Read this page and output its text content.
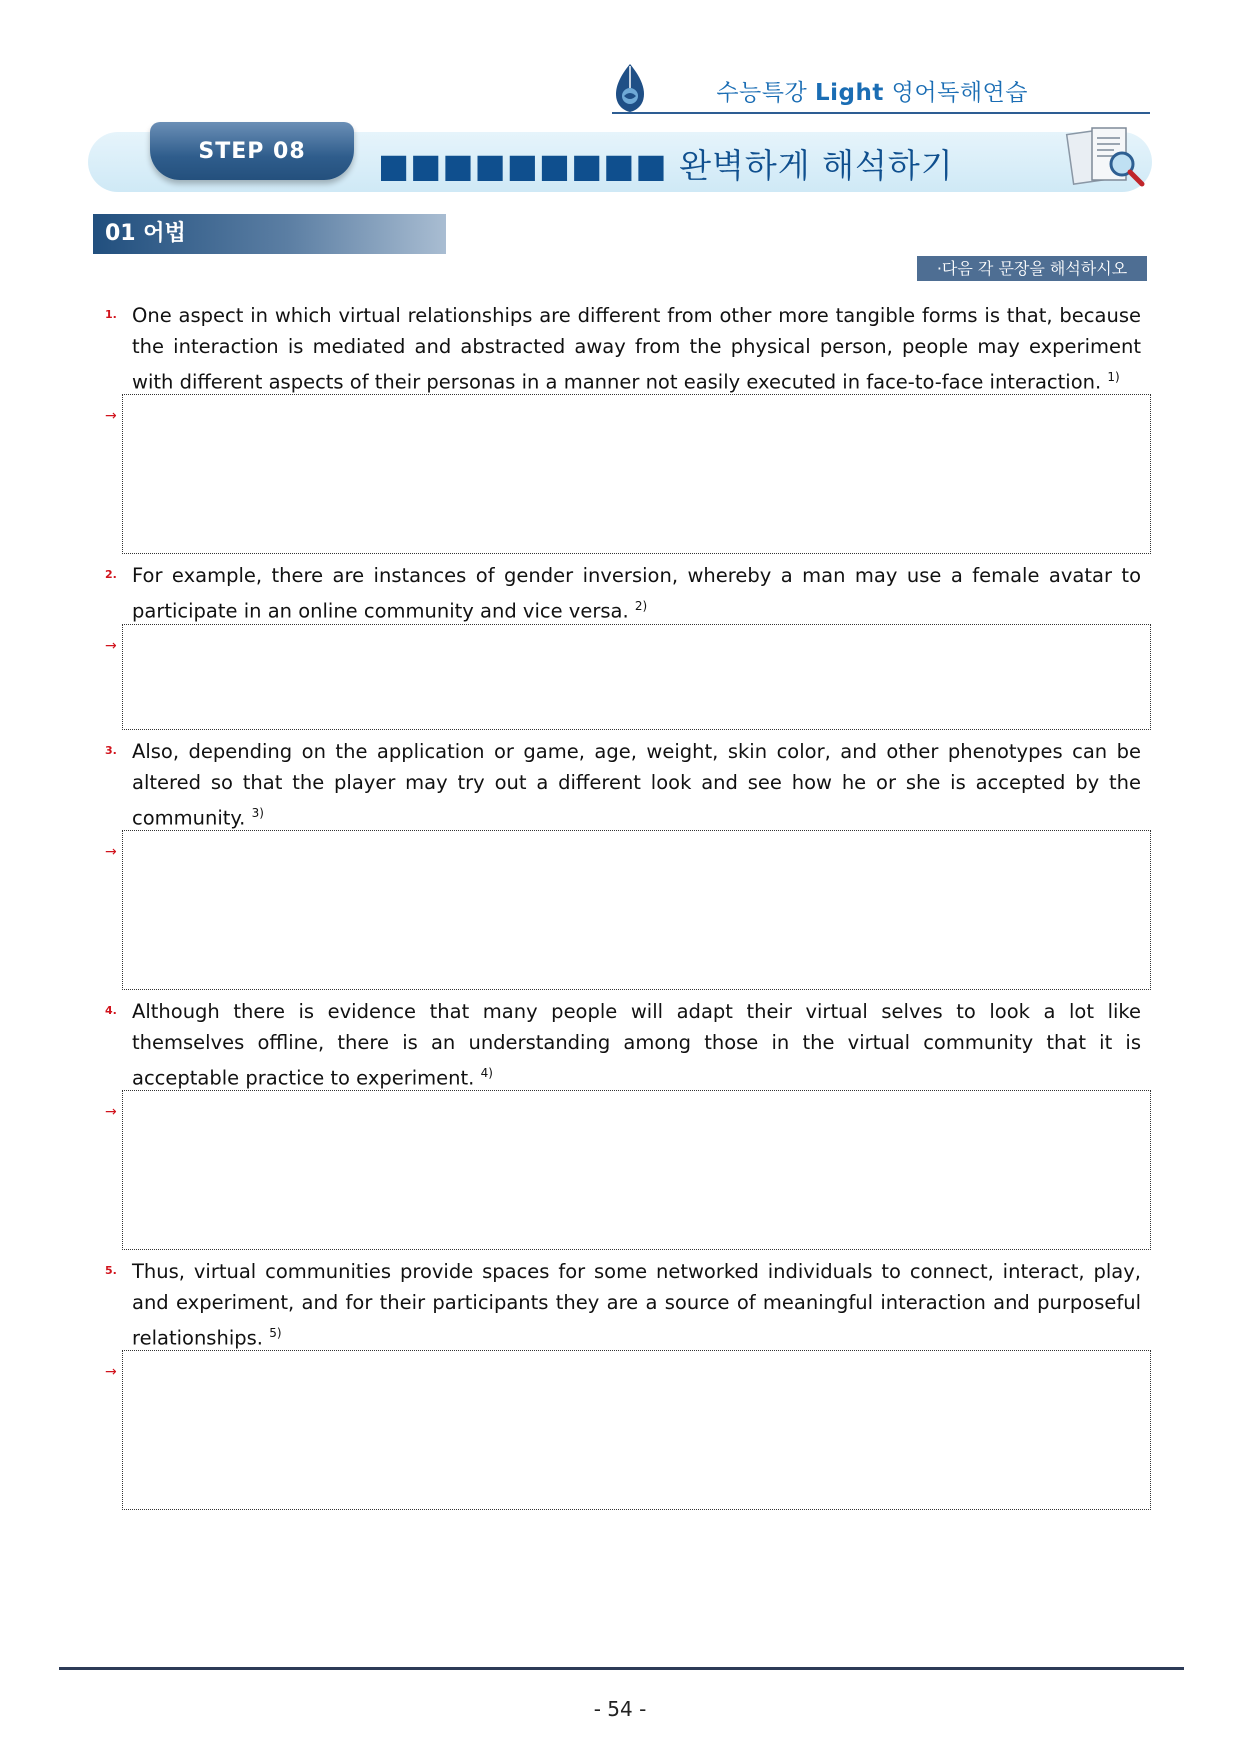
수능특강 Light 영어독해연습
STEP 08	■■■■■■■■■ 완벽하게 해석하기
01 어법
·다음 각 문장을 해석하시오
1. One aspect in which virtual relationships are different from other more tangible forms is that, because the interaction is mediated and abstracted away from the physical person, people may experiment with different aspects of their personas in a manner not easily executed in face-to-face interaction. $^{1)}$
→
2. For example, there are instances of gender inversion, whereby a man may use a female avatar to participate in an online community and vice versa. $^{2)}$
→
3. Also, depending on the application or game, age, weight, skin color, and other phenotypes can be altered so that the player may try out a different look and see how he or she is accepted by the community. $^{3)}$
→
4. Although there is evidence that many people will adapt their virtual selves to look a lot like themselves offline, there is an understanding among those in the virtual community that it is acceptable practice to experiment. $^{4)}$
→
5. Thus, virtual communities provide spaces for some networked individuals to connect, interact, play, and experiment, and for their participants they are a source of meaningful interaction and purposeful relationships. $^{5)}$
→
- 54 -
